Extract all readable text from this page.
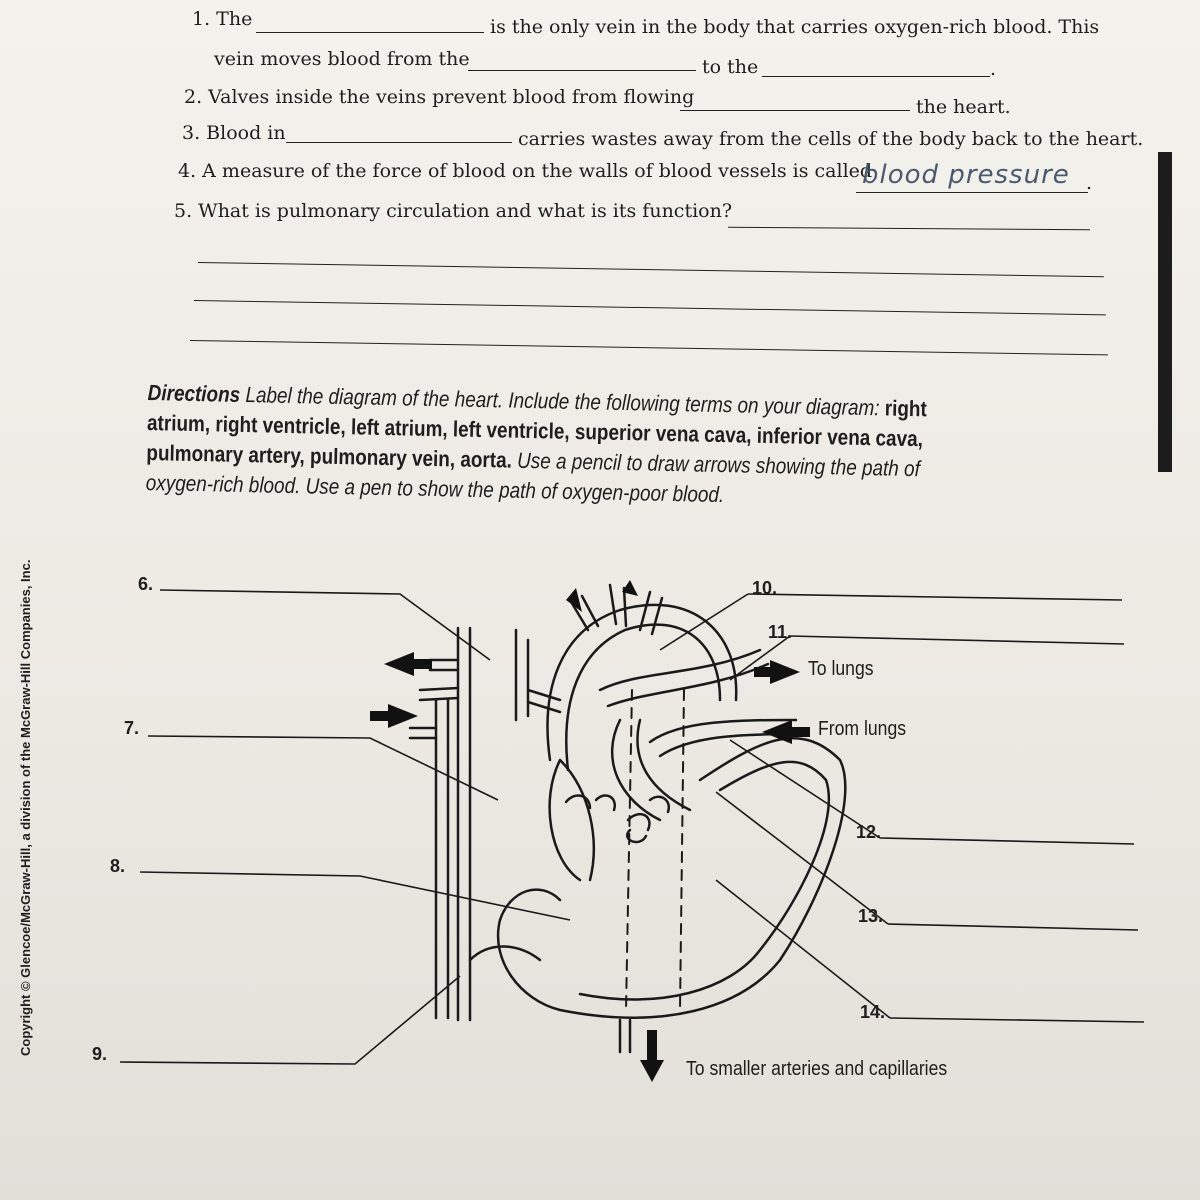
1. The	is the only vein in the body that carries oxygen-rich blood. This
vein moves blood from the	to the	.
2. Valves inside the veins prevent blood from flowing	the heart.
3. Blood in	carries wastes away from the cells of the body back to the heart.
4. A measure of the force of blood on the walls of blood vessels is called
blood pressure .
5. What is pulmonary circulation and what is its function?
Directions Label the diagram of the heart. Include the following terms on your diagram: right atrium, right ventricle, left atrium, left ventricle, superior vena cava, inferior vena cava, pulmonary artery, pulmonary vein, aorta. Use a pencil to draw arrows showing the path of oxygen-rich blood. Use a pen to show the path of oxygen-poor blood.
Copyright © Glencoe/McGraw-Hill, a division of the McGraw-Hill Companies, Inc.	6.
7.
8.
9.
10.
11.
12.
13.
14.
To lungs
From lungs
To smaller arteries and capillaries
